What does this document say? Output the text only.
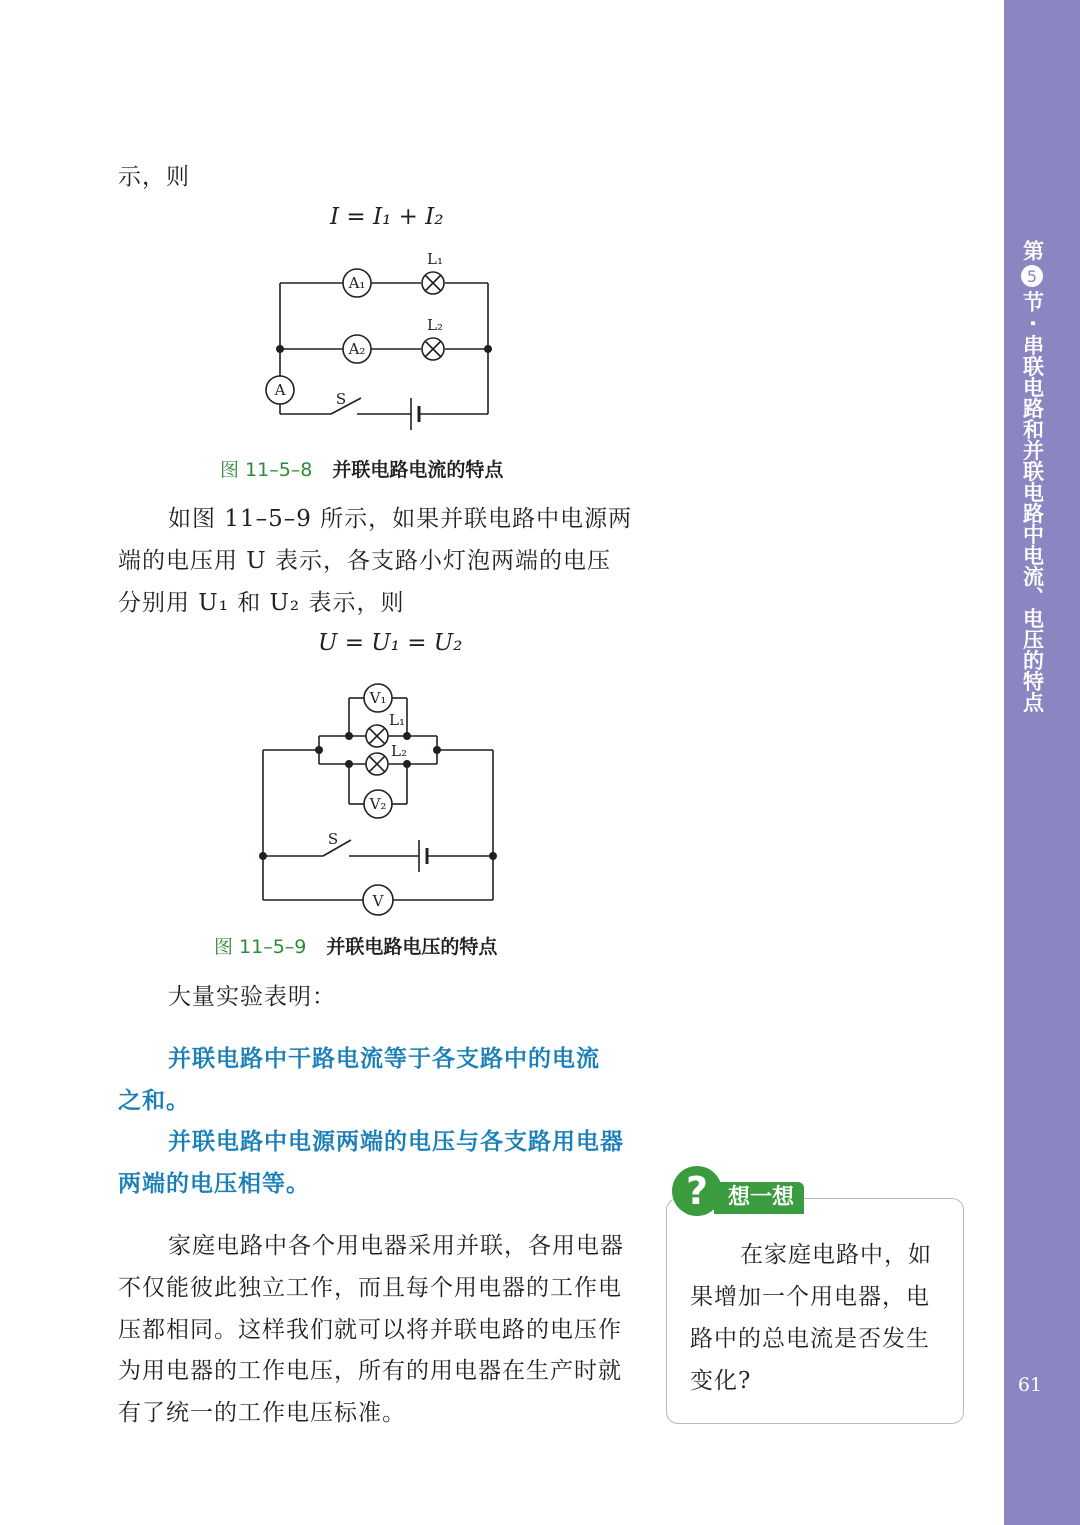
第
5
节 · 串联电路和并联电路中电流、电压的特点
61
示，则
I = I₁ + I₂
A₁
A₂
A
L₁
L₂
S
图 11–5–8 并联电路电流的特点
如图 11–5–9 所示，如果并联电路中电源两
端的电压用 U 表示，各支路小灯泡两端的电压
分别用 U₁ 和 U₂ 表示，则
U = U₁ = U₂
V₁
V₂
V
L₁
L₂
S
图 11–5–9 并联电路电压的特点
大量实验表明：
并联电路中干路电流等于各支路中的电流
之和。
并联电路中电源两端的电压与各支路用电器
两端的电压相等。
家庭电路中各个用电器采用并联，各用电器
不仅能彼此独立工作，而且每个用电器的工作电
压都相同。这样我们就可以将并联电路的电压作
为用电器的工作电压，所有的用电器在生产时就
有了统一的工作电压标准。
想一想
?
在家庭电路中，如
果增加一个用电器，电
路中的总电流是否发生
变化?
